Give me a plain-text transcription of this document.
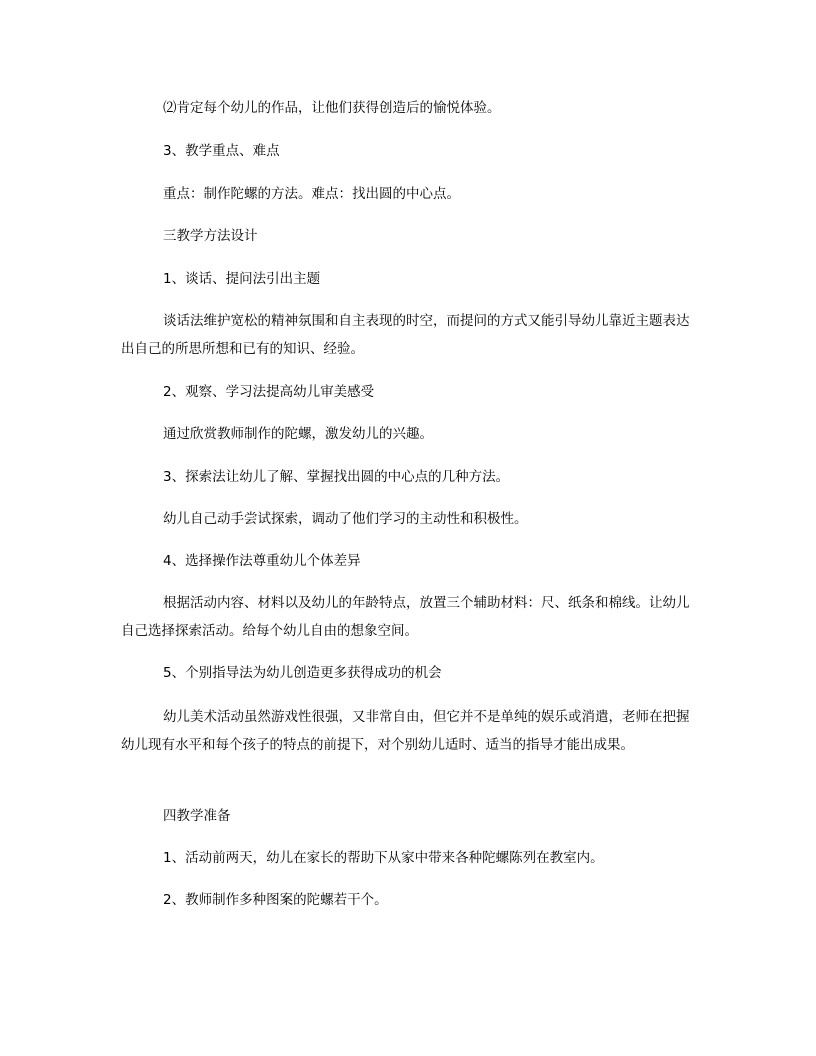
⑵肯定每个幼儿的作品，让他们获得创造后的愉悦体验。

3、教学重点、难点

重点：制作陀螺的方法。难点：找出圆的中心点。

三教学方法设计

1、谈话、提问法引出主题

谈话法维护宽松的精神氛围和自主表现的时空，而提问的方式又能引导幼儿靠近主题表达出自己的所思所想和已有的知识、经验。

2、观察、学习法提高幼儿审美感受

通过欣赏教师制作的陀螺，激发幼儿的兴趣。

3、探索法让幼儿了解、掌握找出圆的中心点的几种方法。

幼儿自己动手尝试探索，调动了他们学习的主动性和积极性。

4、选择操作法尊重幼儿个体差异

根据活动内容、材料以及幼儿的年龄特点，放置三个辅助材料：尺、纸条和棉线。让幼儿自己选择探索活动。给每个幼儿自由的想象空间。

5、个别指导法为幼儿创造更多获得成功的机会

幼儿美术活动虽然游戏性很强，又非常自由，但它并不是单纯的娱乐或消遣，老师在把握幼儿现有水平和每个孩子的特点的前提下，对个别幼儿适时、适当的指导才能出成果。

四教学准备

1、活动前两天，幼儿在家长的帮助下从家中带来各种陀螺陈列在教室内。

2、教师制作多种图案的陀螺若干个。
